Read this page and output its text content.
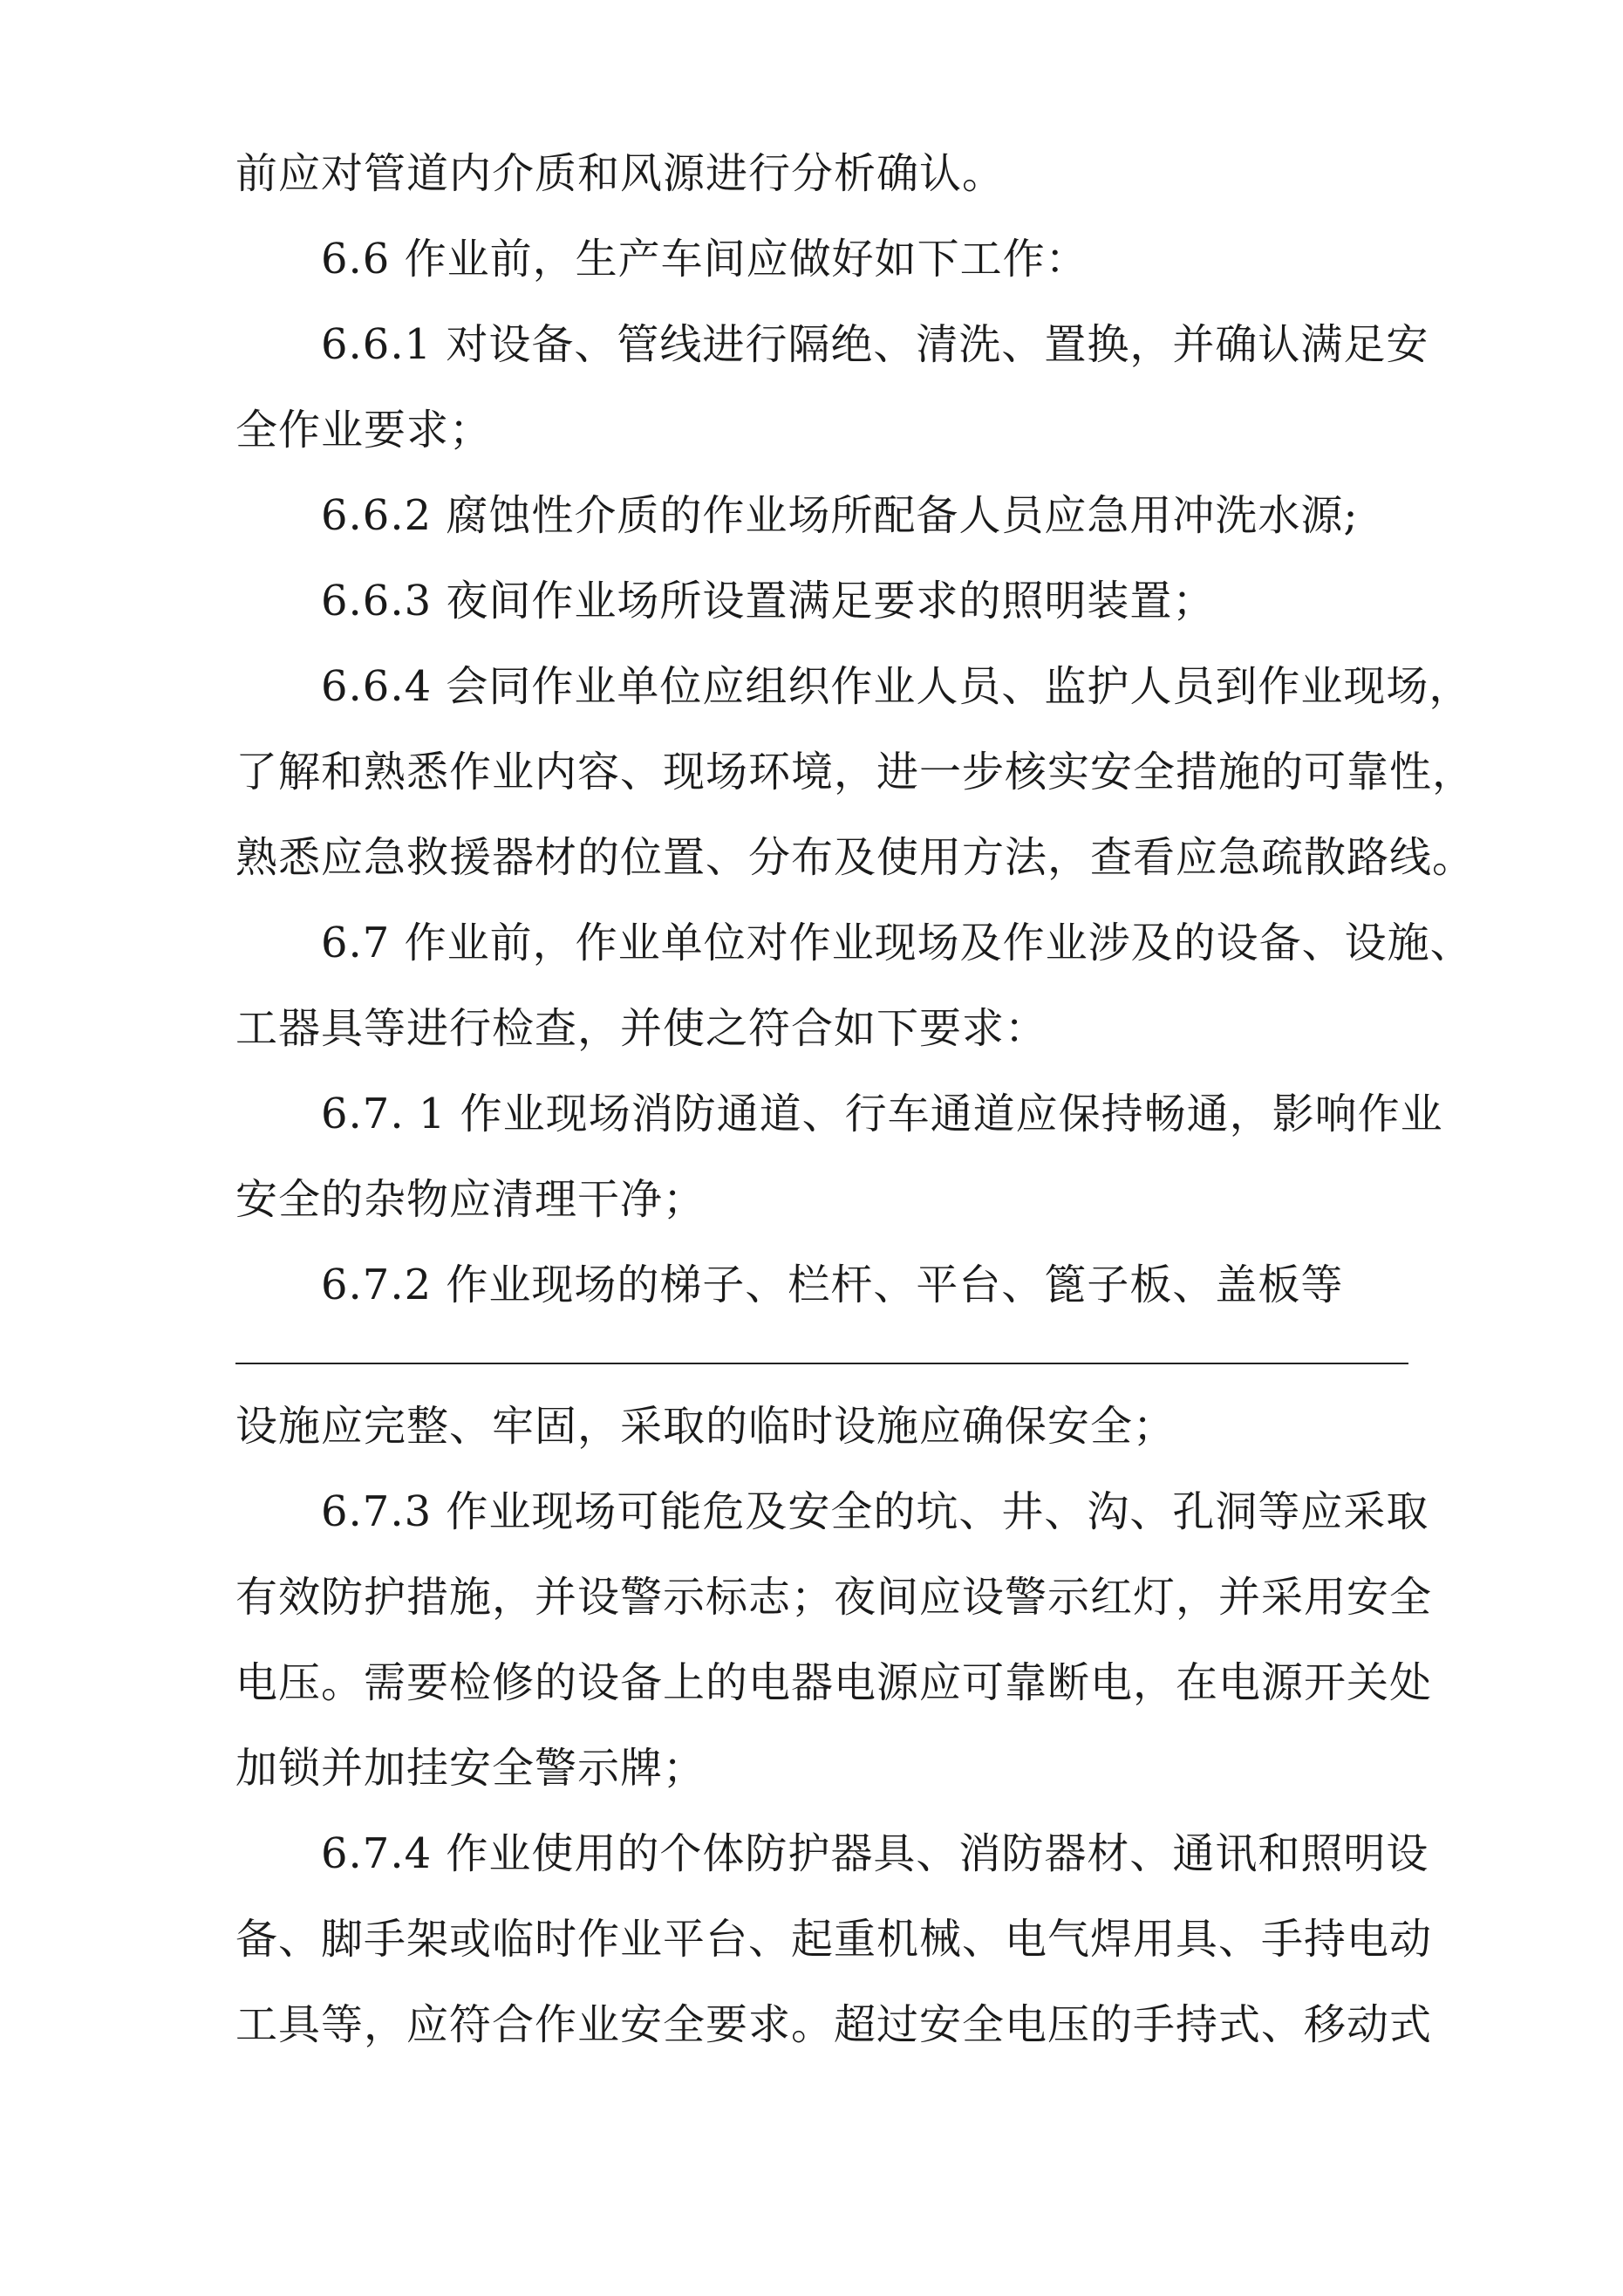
前应对管道内介质和风源进行分析确认。
6.6 作业前，生产车间应做好如下工作：
6.6.1 对设备、管线进行隔绝、清洗、置换，并确认满足安
全作业要求；
6.6.2 腐蚀性介质的作业场所配备人员应急用冲洗水源;
6.6.3 夜间作业场所设置满足要求的照明装置；
6.6.4 会同作业单位应组织作业人员、监护人员到作业现场，
了解和熟悉作业内容、现场环境，进一步核实安全措施的可靠性，
熟悉应急救援器材的位置、分布及使用方法，查看应急疏散路线。
6.7 作业前，作业单位对作业现场及作业涉及的设备、设施、
工器具等进行检查，并使之符合如下要求：
6.7. 1 作业现场消防通道、行车通道应保持畅通，影响作业
安全的杂物应清理干净；
6.7.2 作业现场的梯子、栏杆、平台、篦子板、盖板等
设施应完整、牢固，采取的临时设施应确保安全；
6.7.3 作业现场可能危及安全的坑、井、沟、孔洞等应采取
有效防护措施，并设警示标志；夜间应设警示红灯，并采用安全
电压。需要检修的设备上的电器电源应可靠断电，在电源开关处
加锁并加挂安全警示牌；
6.7.4 作业使用的个体防护器具、消防器材、通讯和照明设
备、脚手架或临时作业平台、起重机械、电气焊用具、手持电动
工具等，应符合作业安全要求。超过安全电压的手持式、移动式
